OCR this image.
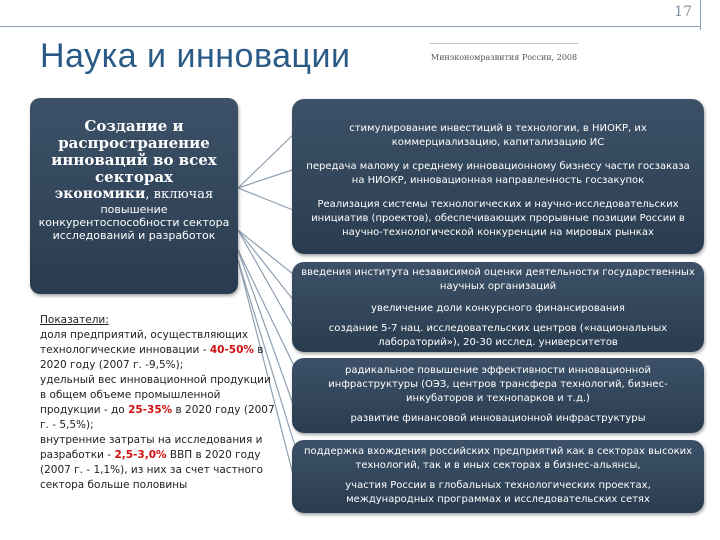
17
Наука и инновации	Минэкономразвития России, 2008
Создание и распространение инноваций во всех секторах
экономики, включая
повышение конкурентоспособности сектора исследований и разработок
Показатели:
доля предприятий, осуществляющих технологические инновации - 40-50% в 2020 году (2007 г. -9,5%);
удельный вес инновационной продукции в общем объеме промышленной продукции - до 25-35% в 2020 году (2007 г. - 5,5%);
внутренние затраты на исследования и разработки - 2,5-3,0% ВВП в 2020 году (2007 г. - 1,1%), из них за счет частного сектора больше половины
стимулирование инвестиций в технологии, в НИОКР, их коммерциализацию, капитализацию ИС
передача малому и среднему инновационному бизнесу части госзаказа на НИОКР, инновационная направленность госзакупок
Реализация системы технологических и научно-исследовательских инициатив (проектов), обеспечивающих прорывные позиции России в научно-технологической конкуренции на мировых рынках
введения института независимой оценки деятельности государственных научных организаций
увеличение доли конкурсного финансирования
создание 5-7 нац. исследовательских центров («национальных лабораторий»), 20-30 исслед. университетов
радикальное повышение эффективности инновационной инфраструктуры (ОЭЗ, центров трансфера технологий, бизнес-инкубаторов и технопарков и т.д.)
развитие финансовой инновационной инфраструктуры
поддержка вхождения российских предприятий как в секторах высоких технологий, так и в иных секторах в бизнес-альянсы,
участия России в глобальных технологических проектах, международных программах и исследовательских сетях
